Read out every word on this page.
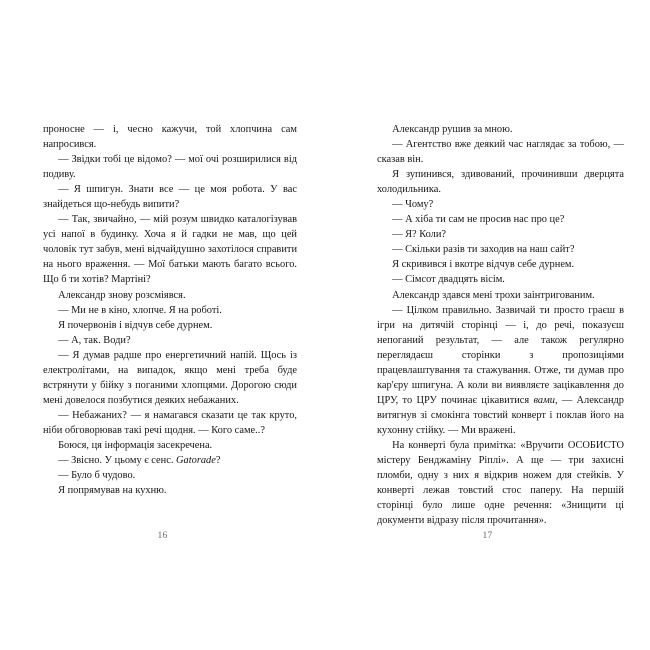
проносне — і, чесно кажучи, той хлопчина сам напросився.

— Звідки тобі це відомо? — мої очі розширилися від подиву.

— Я шпигун. Знати все — це моя робота. У вас знайдеться що-небудь випити?

— Так, звичайно, — мій розум швидко каталогізував усі напої в будинку. Хоча я й гадки не мав, що цей чоловік тут забув, мені відчайдушно захотілося справити на нього враження. — Мої батьки мають багато всього. Що б ти хотів? Мартіні?

Александр знову розсміявся.

— Ми не в кіно, хлопче. Я на роботі.

Я почервонів і відчув себе дурнем.

— А, так. Води?

— Я думав радше про енергетичний напій. Щось із електролітами, на випадок, якщо мені треба буде встрянути у бійку з поганими хлопцями. Дорогою сюди мені довелося позбутися деяких небажаних.

— Небажаних? — я намагався сказати це так круто, ніби обговорював такі речі щодня. — Кого саме..?

Боюся, ця інформація засекречена.

— Звісно. У цьому є сенс. Gatorade?

— Було б чудово.

Я попрямував на кухню.

16

Александр рушив за мною.

— Агентство вже деякий час наглядає за тобою, — сказав він.

Я зупинився, здивований, прочинивши дверцята холодильника.

— Чому?

— А хіба ти сам не просив нас про це?

— Я? Коли?

— Скільки разів ти заходив на наш сайт?

Я скривився і вкотре відчув себе дурнем.

— Сімсот двадцять вісім.

Александр здався мені трохи заінтригованим.

— Цілком правильно. Зазвичай ти просто граєш в ігри на дитячій сторінці — і, до речі, показуєш непоганий результат, — але також регулярно переглядаєш сторінки з пропозиціями працевлаштування та стажування. Отже, ти думав про кар'єру шпигуна. А коли ви виявляєте зацікавлення до ЦРУ, то ЦРУ починає цікавитися вами, — Александр витягнув зі смокінга товстий конверт і поклав його на кухонну стійку. — Ми вражені.

На конверті була примітка: «Вручити ОСОБИСТО містеру Бенджаміну Ріплі». А ще — три захисні пломби, одну з них я відкрив ножем для стейків. У конверті лежав товстий стос паперу. На першій сторінці було лише одне речення: «Знищити ці документи відразу після прочитання».

17
